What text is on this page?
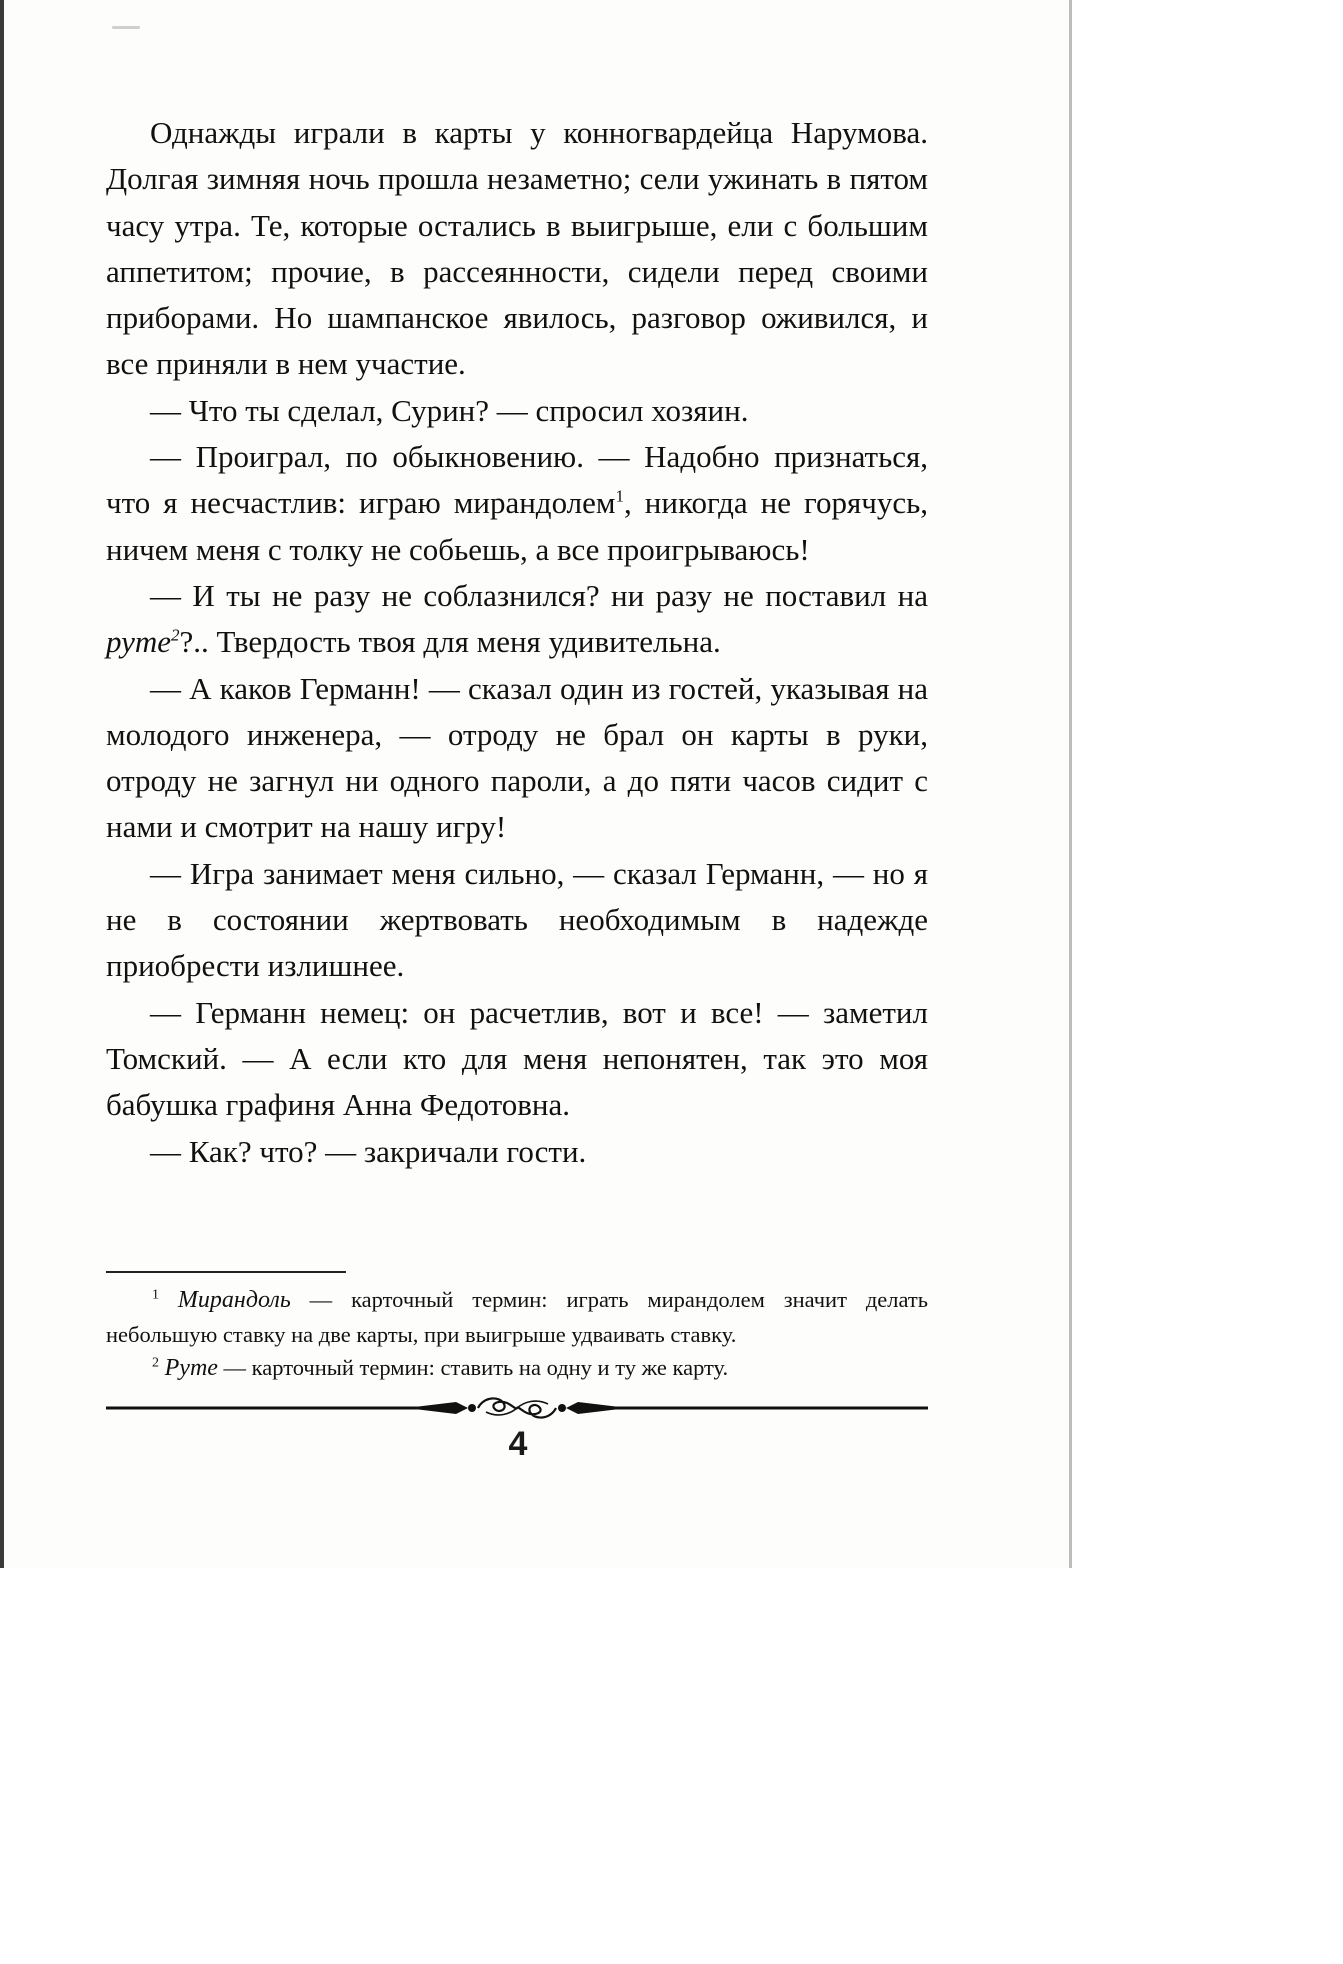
Однажды играли в карты у конногвардейца Нарумова. Долгая зимняя ночь прошла незаметно; сели ужинать в пятом часу утра. Те, которые остались в выигрыше, ели с большим аппетитом; прочие, в рассеянности, сидели перед своими приборами. Но шампанское явилось, разговор оживился, и все приняли в нем участие.

— Что ты сделал, Сурин? — спросил хозяин.

— Проиграл, по обыкновению. — Надобно признаться, что я несчастлив: играю мирандолем$^1$, никогда не горячусь, ничем меня с толку не собьешь, а все проигрываюсь!

— И ты не разу не соблазнился? ни разу не поставил на руте$^2$?.. Твердость твоя для меня удивительна.

— А каков Германн! — сказал один из гостей, указывая на молодого инженера, — отроду не брал он карты в руки, отроду не загнул ни одного пароли, а до пяти часов сидит с нами и смотрит на нашу игру!

— Игра занимает меня сильно, — сказал Германн, — но я не в состоянии жертвовать необходимым в надежде приобрести излишнее.

— Германн немец: он расчетлив, вот и все! — заметил Томский. — А если кто для меня непонятен, так это моя бабушка графиня Анна Федотовна.

— Как? что? — закричали гости.

$^1$ Мирандоль — карточный термин: играть мирандолем значит делать небольшую ставку на две карты, при выигрыше удваивать ставку.

$^2$ Руте — карточный термин: ставить на одну и ту же карту.

4
